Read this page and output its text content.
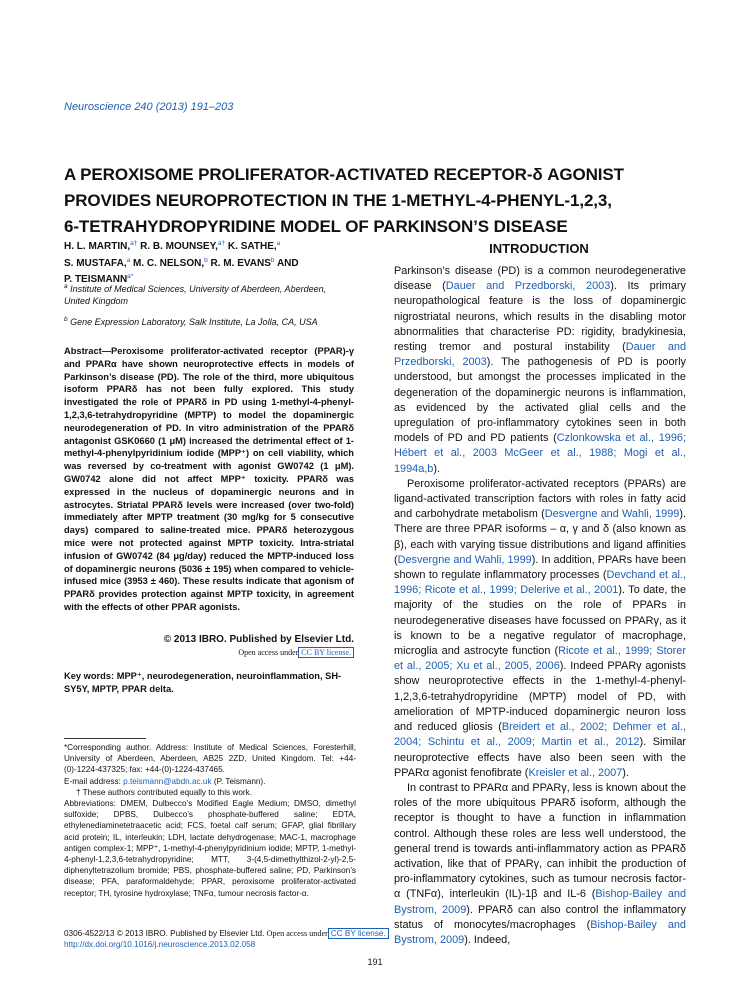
Neuroscience 240 (2013) 191–203
A PEROXISOME PROLIFERATOR-ACTIVATED RECEPTOR-δ AGONIST
PROVIDES NEUROPROTECTION IN THE 1-METHYL-4-PHENYL-1,2,3,
6-TETRAHYDROPYRIDINE MODEL OF PARKINSON’S DISEASE
H. L. MARTIN,$^{a\dagger}$ R. B. MOUNSEY,$^{a\dagger}$ K. SATHE,$^a$
S. MUSTAFA,$^a$ M. C. NELSON,$^b$ R. M. EVANS$^b$ AND
P. $TEISMANN^{a*}$
$^a$ Institute of Medical Sciences, University of Aberdeen, Aberdeen, United Kingdom
$^b$ Gene Expression Laboratory, Salk Institute, La Jolla, CA, USA
Abstract—Peroxisome proliferator-activated receptor (PPAR)-γ and PPARα have shown neuroprotective effects in models of Parkinson’s disease (PD). The role of the third, more ubiquitous isoform PPARδ has not been fully explored. This study investigated the role of PPARδ in PD using 1-methyl-4-phenyl-1,2,3,6-tetrahydropyridine (MPTP) to model the dopaminergic neurodegeneration of PD. In vitro administration of the PPARδ antagonist GSK0660 (1 μM) increased the detrimental effect of 1-methyl-4-phenylpyridinium iodide (MPP⁺) on cell viability, which was reversed by co-treatment with agonist GW0742 (1 μM). GW0742 alone did not affect MPP⁺ toxicity. PPARδ was expressed in the nucleus of dopaminergic neurons and in astrocytes. Striatal PPARδ levels were increased (over two-fold) immediately after MPTP treatment (30 mg/kg for 5 consecutive days) compared to saline-treated mice. PPARδ heterozygous mice were not protected against MPTP toxicity. Intra-striatal infusion of GW0742 (84 μg/day) reduced the MPTP-induced loss of dopaminergic neurons (5036 ± 195) when compared to vehicle-infused mice (3953 ± 460). These results indicate that agonism of PPARδ provides protection against MPTP toxicity, in agreement with the effects of other PPAR agonists.
© 2013 IBRO. Published by Elsevier Ltd.
Open access under CC BY license.
Key words: MPP⁺, neurodegeneration, neuroinflammation, SH-SY5Y, MPTP, PPAR delta.

*Corresponding author. Address: Institute of Medical Sciences, Foresterhill, University of Aberdeen, Aberdeen, AB25 2ZD, United Kingdom. Tel: +44-(0)-1224-437325; fax: +44-(0)-1224-437465.

E-mail address: p.teismann@abdn.ac.uk (P. Teismann).

† These authors contributed equally to this work.

Abbreviations: DMEM, Dulbecco’s Modified Eagle Medium; DMSO, dimethyl sulfoxide; DPBS, Dulbecco’s phosphate-buffered saline; EDTA, ethylenediaminetetraacetic acid; FCS, foetal calf serum; GFAP, glial fibrillary acid protein; IL, interleukin; LDH, lactate dehydrogenase; MAC-1, macrophage antigen complex-1; MPP⁺, 1-methyl-4-phenylpyridinium iodide; MPTP, 1-methyl-4-phenyl-1,2,3,6-tetrahydropyridine; MTT, 3-(4,5-dimethylthizol-2-yl)-2,5-diphenyltetrazolium bromide; PBS, phosphate-buffered saline; PD, Parkinson’s disease; PFA, paraformaldehyde; PPAR, peroxisome proliferator-activated receptor; TH, tyrosine hydroxylase; TNFα, tumour necrosis factor-α.

0306-4522/13 © 2013 IBRO. Published by Elsevier Ltd. Open access under CC BY license.
http://dx.doi.org/10.1016/j.neuroscience.2013.02.058
191
INTRODUCTION

Parkinson’s disease (PD) is a common neurodegenerative disease (Dauer and Przedborski, 2003). Its primary neuropathological feature is the loss of dopaminergic nigrostriatal neurons, which results in the disabling motor abnormalities that characterise PD: rigidity, bradykinesia, resting tremor and postural instability (Dauer and Przedborski, 2003). The pathogenesis of PD is poorly understood, but amongst the processes implicated in the degeneration of the dopaminergic neurons is inflammation, as evidenced by the activated glial cells and the upregulation of pro-inflammatory cytokines seen in both models of PD and PD patients (Czlonkowska et al., 1996; Hébert et al., 2003 McGeer et al., 1988; Mogi et al., 1994a,b).

Peroxisome proliferator-activated receptors (PPARs) are ligand-activated transcription factors with roles in fatty acid and carbohydrate metabolism (Desvergne and Wahli, 1999). There are three PPAR isoforms – α, γ and δ (also known as β), each with varying tissue distributions and ligand affinities (Desvergne and Wahli, 1999). In addition, PPARs have been shown to regulate inflammatory processes (Devchand et al., 1996; Ricote et al., 1999; Delerive et al., 2001). To date, the majority of the studies on the role of PPARs in neurodegenerative diseases have focussed on PPARγ, as it is known to be a negative regulator of macrophage, microglia and astrocyte function (Ricote et al., 1999; Storer et al., 2005; Xu et al., 2005, 2006). Indeed PPARγ agonists show neuroprotective effects in the 1-methyl-4-phenyl-1,2,3,6-tetrahydropyridine (MPTP) model of PD, with amelioration of MPTP-induced dopaminergic neuron loss and reduced gliosis (Breidert et al., 2002; Dehmer et al., 2004; Schintu et al., 2009; Martin et al., 2012). Similar neuroprotective effects have also been seen with the PPARα agonist fenofibrate (Kreisler et al., 2007).

In contrast to PPARα and PPARγ, less is known about the roles of the more ubiquitous PPARδ isoform, although the receptor is thought to have a function in inflammation control. Although these roles are less well understood, the general trend is towards anti-inflammatory action as PPARδ activation, like that of PPARγ, can inhibit the production of pro-inflammatory cytokines, such as tumour necrosis factor-α (TNFα), interleukin (IL)-1β and IL-6 (Bishop-Bailey and Bystrom, 2009). PPARδ can also control the inflammatory status of monocytes/macrophages (Bishop-Bailey and Bystrom, 2009). Indeed,
